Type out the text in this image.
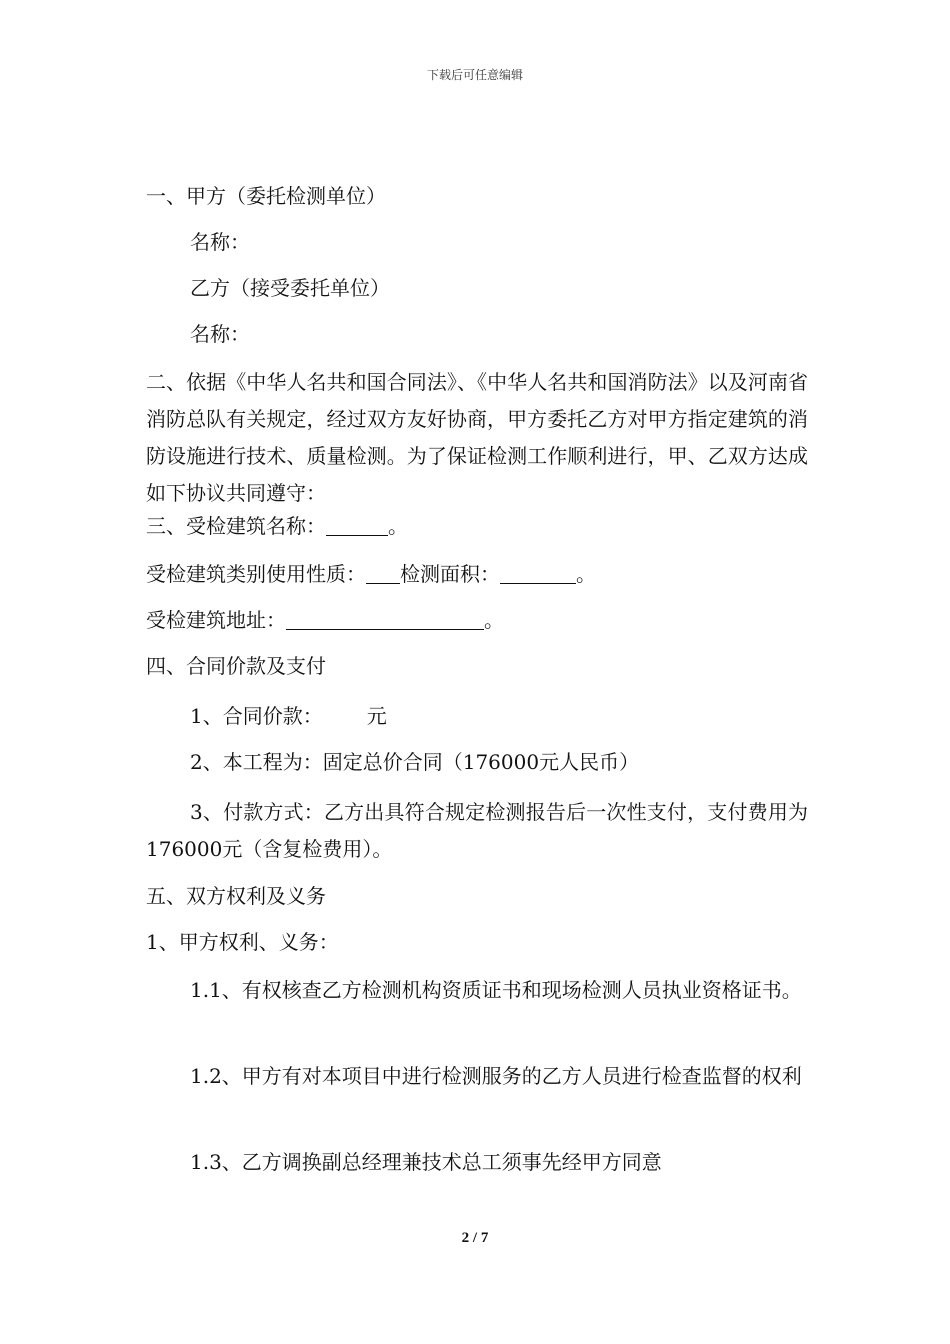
下载后可任意编辑
一、甲方（委托检测单位）
名称：
乙方（接受委托单位）
名称：
二、依据《中华人名共和国合同法》、《中华人名共和国消防法》以及河南省消防总队有关规定，经过双方友好协商，甲方委托乙方对甲方指定建筑的消防设施进行技术、质量检测。为了保证检测工作顺利进行，甲、乙双方达成如下协议共同遵守：
三、受检建筑名称：	。
受检建筑类别使用性质： 检测面积：	。
受检建筑地址：	。
四、合同价款及支付
1、合同价款： 元
2、本工程为：固定总价合同（176000元人民币）
3、付款方式：乙方出具符合规定检测报告后一次性支付，支付费用为176000元（含复检费用）。
五、双方权利及义务
1、甲方权利、义务：
1.1、有权核查乙方检测机构资质证书和现场检测人员执业资格证书。
1.2、甲方有对本项目中进行检测服务的乙方人员进行检查监督的权利
1.3、乙方调换副总经理兼技术总工须事先经甲方同意
2 / 7
